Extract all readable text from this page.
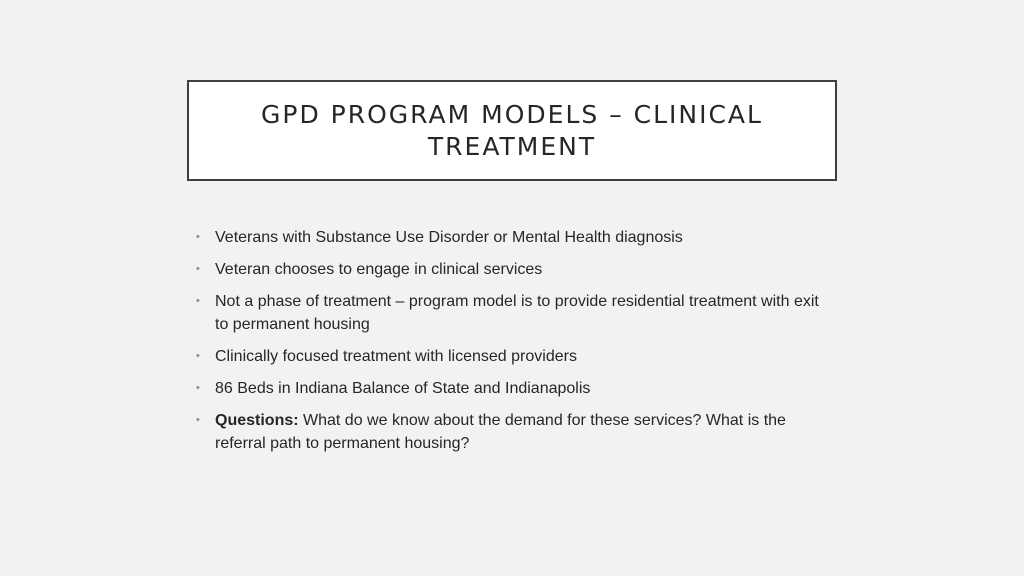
GPD PROGRAM MODELS – CLINICAL TREATMENT
• Veterans with Substance Use Disorder or Mental Health diagnosis
• Veteran chooses to engage in clinical services
• Not a phase of treatment – program model is to provide residential treatment with exit to permanent housing
• Clinically focused treatment with licensed providers
• 86 Beds in Indiana Balance of State and Indianapolis
• Questions: What do we know about the demand for these services? What is the referral path to permanent housing?
